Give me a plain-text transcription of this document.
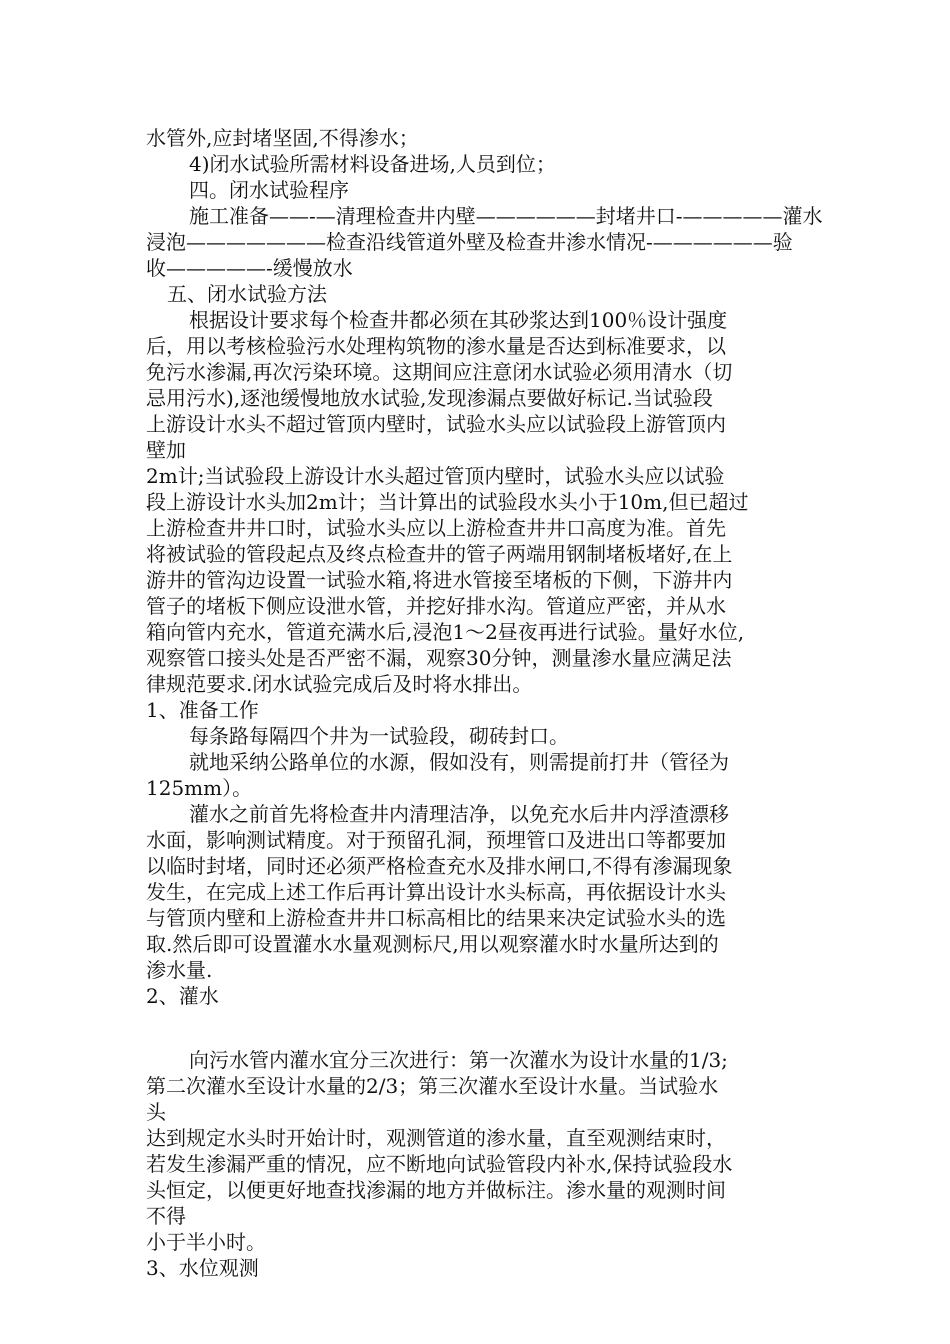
水管外,应封堵坚固,不得渗水；

4)闭水试验所需材料设备进场,人员到位；

四。闭水试验程序

施工准备——-—清理检查井内壁——————封堵井口-—————灌水

浸泡———————检查沿线管道外壁及检查井渗水情况-——————验

收—————-缓慢放水

五、闭水试验方法

根据设计要求每个检查井都必须在其砂浆达到100％设计强度

后，用以考核检验污水处理构筑物的渗水量是否达到标准要求，以

免污水渗漏,再次污染环境。这期间应注意闭水试验必须用清水（切

忌用污水),逐池缓慢地放水试验,发现渗漏点要做好标记.当试验段

上游设计水头不超过管顶内壁时，试验水头应以试验段上游管顶内

壁加

2m计;当试验段上游设计水头超过管顶内壁时，试验水头应以试验

段上游设计水头加2m计；当计算出的试验段水头小于10m,但已超过

上游检查井井口时，试验水头应以上游检查井井口高度为准。首先

将被试验的管段起点及终点检查井的管子两端用钢制堵板堵好,在上

游井的管沟边设置一试验水箱,将进水管接至堵板的下侧，下游井内

管子的堵板下侧应设泄水管，并挖好排水沟。管道应严密，并从水

箱向管内充水，管道充满水后,浸泡1～2昼夜再进行试验。量好水位,

观察管口接头处是否严密不漏，观察30分钟，测量渗水量应满足法

律规范要求.闭水试验完成后及时将水排出。

1、准备工作

每条路每隔四个井为一试验段，砌砖封口。

就地采纳公路单位的水源，假如没有，则需提前打井（管径为

125mm）。

灌水之前首先将检查井内清理洁净，以免充水后井内浮渣漂移

水面，影响测试精度。对于预留孔洞，预埋管口及进出口等都要加

以临时封堵，同时还必须严格检查充水及排水闸口,不得有渗漏现象

发生，在完成上述工作后再计算出设计水头标高，再依据设计水头

与管顶内壁和上游检查井井口标高相比的结果来决定试验水头的选

取.然后即可设置灌水水量观测标尺,用以观察灌水时水量所达到的

渗水量.

2、灌水

向污水管内灌水宜分三次进行：第一次灌水为设计水量的1/3;

第二次灌水至设计水量的2/3；第三次灌水至设计水量。当试验水

头

达到规定水头时开始计时，观测管道的渗水量，直至观测结束时，

若发生渗漏严重的情况，应不断地向试验管段内补水,保持试验段水

头恒定，以便更好地查找渗漏的地方并做标注。渗水量的观测时间

不得

小于半小时。

3、水位观测
